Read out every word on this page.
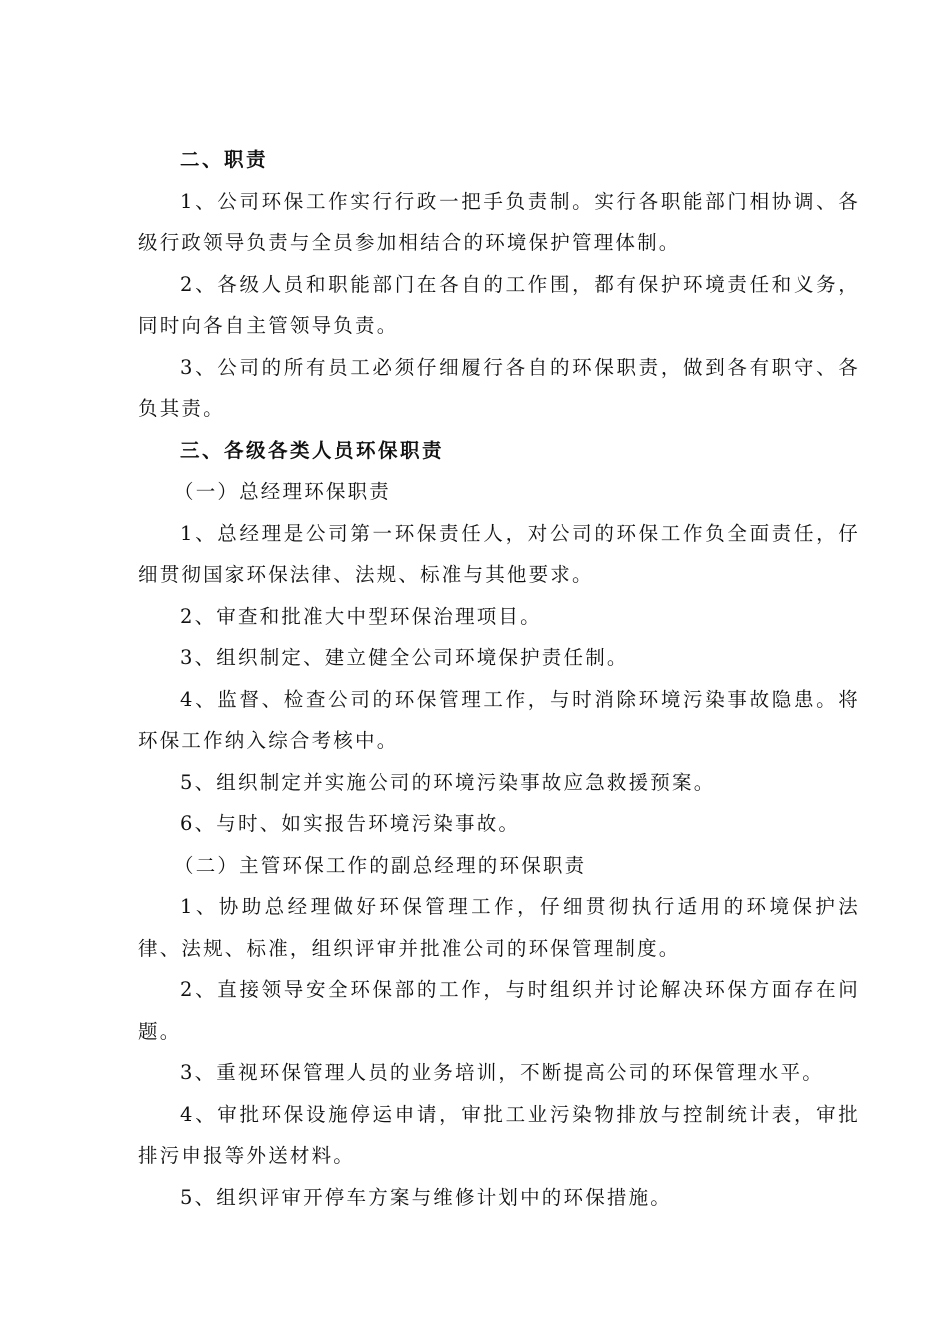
二、职责

1、公司环保工作实行行政一把手负责制。实行各职能部门相协调、各级行政领导负责与全员参加相结合的环境保护管理体制。

2、各级人员和职能部门在各自的工作围，都有保护环境责任和义务，同时向各自主管领导负责。

3、公司的所有员工必须仔细履行各自的环保职责，做到各有职守、各负其责。

三、各级各类人员环保职责

（一）总经理环保职责

1、总经理是公司第一环保责任人，对公司的环保工作负全面责任，仔细贯彻国家环保法律、法规、标准与其他要求。

2、审查和批准大中型环保治理项目。

3、组织制定、建立健全公司环境保护责任制。

4、监督、检查公司的环保管理工作，与时消除环境污染事故隐患。将环保工作纳入综合考核中。

5、组织制定并实施公司的环境污染事故应急救援预案。

6、与时、如实报告环境污染事故。

（二）主管环保工作的副总经理的环保职责

1、协助总经理做好环保管理工作，仔细贯彻执行适用的环境保护法律、法规、标准，组织评审并批准公司的环保管理制度。

2、直接领导安全环保部的工作，与时组织并讨论解决环保方面存在问题。

3、重视环保管理人员的业务培训，不断提高公司的环保管理水平。

4、审批环保设施停运申请，审批工业污染物排放与控制统计表，审批排污申报等外送材料。

5、组织评审开停车方案与维修计划中的环保措施。
